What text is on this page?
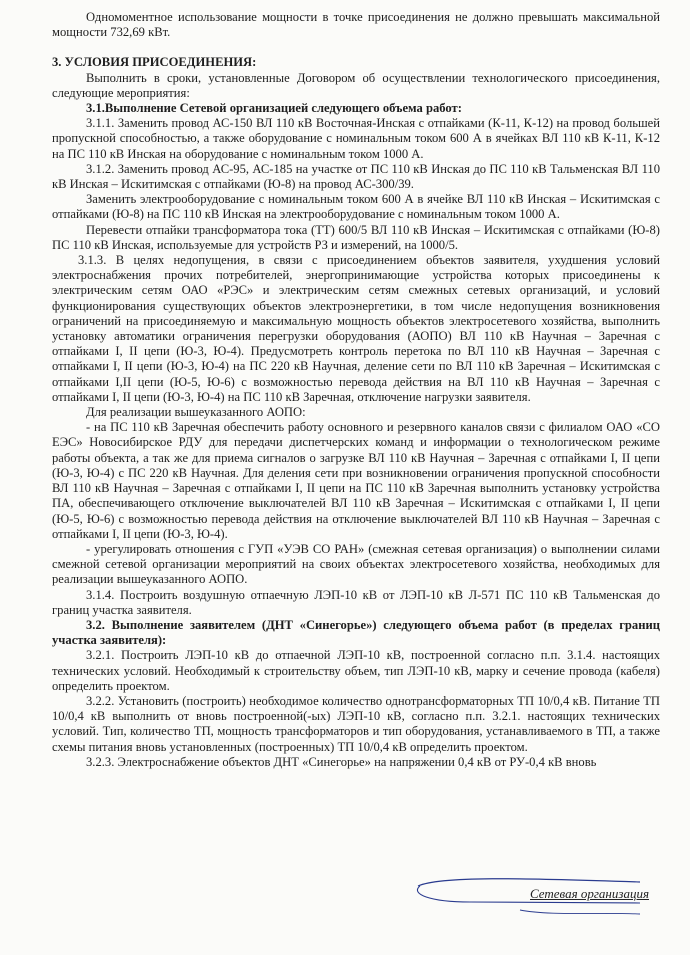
Одномоментное использование мощности в точке присоединения не должно превышать максимальной мощности 732,69 кВт.

3. УСЛОВИЯ ПРИСОЕДИНЕНИЯ:

Выполнить в сроки, установленные Договором об осуществлении технологического присоединения, следующие мероприятия:

3.1.Выполнение Сетевой организацией следующего объема работ:

3.1.1. Заменить провод АС-150 ВЛ 110 кВ Восточная-Инская с отпайками (К-11, К-12) на провод большей пропускной способностью, а также оборудование с номинальным током 600 А в ячейках ВЛ 110 кВ К-11, К-12 на ПС 110 кВ Инская на оборудование с номинальным током 1000 А.

3.1.2. Заменить провод АС-95, АС-185 на участке от ПС 110 кВ Инская до ПС 110 кВ Тальменская ВЛ 110 кВ Инская – Искитимская с отпайками (Ю-8) на провод АС-300/39.

Заменить электрооборудование с номинальным током 600 А в ячейке ВЛ 110 кВ Инская – Искитимская с отпайками (Ю-8) на ПС 110 кВ Инская на электрооборудование с номинальным током 1000 А.

Перевести отпайки трансформатора тока (ТТ) 600/5 ВЛ 110 кВ Инская – Искитимская с отпайками (Ю-8) ПС 110 кВ Инская, используемые для устройств РЗ и измерений, на 1000/5.

3.1.3. В целях недопущения, в связи с присоединением объектов заявителя, ухудшения условий электроснабжения прочих потребителей, энергопринимающие устройства которых присоединены к электрическим сетям ОАО «РЭС» и электрическим сетям смежных сетевых организаций, и условий функционирования существующих объектов электроэнергетики, в том числе недопущения возникновения ограничений на присоединяемую и максимальную мощность объектов электросетевого хозяйства, выполнить установку автоматики ограничения перегрузки оборудования (АОПО) ВЛ 110 кВ Научная – Заречная с отпайками I, II цепи (Ю-3, Ю-4). Предусмотреть контроль перетока по ВЛ 110 кВ Научная – Заречная с отпайками I, II цепи (Ю-3, Ю-4) на ПС 220 кВ Научная, деление сети по ВЛ 110 кВ Заречная – Искитимская с отпайками I,II цепи (Ю-5, Ю-6) с возможностью перевода действия на ВЛ 110 кВ Научная – Заречная с отпайками I, II цепи (Ю-3, Ю-4) на ПС 110 кВ Заречная, отключение нагрузки заявителя.

Для реализации вышеуказанного АОПО:

- на ПС 110 кВ Заречная обеспечить работу основного и резервного каналов связи с филиалом ОАО «СО ЕЭС» Новосибирское РДУ для передачи диспетчерских команд и информации о технологическом режиме работы объекта, а так же для приема сигналов о загрузке ВЛ 110 кВ Научная – Заречная с отпайками I, II цепи (Ю-3, Ю-4) с ПС 220 кВ Научная. Для деления сети при возникновении ограничения пропускной способности ВЛ 110 кВ Научная – Заречная с отпайками I, II цепи на ПС 110 кВ Заречная выполнить установку устройства ПА, обеспечивающего отключение выключателей ВЛ 110 кВ Заречная – Искитимская с отпайками I, II цепи (Ю-5, Ю-6) с возможностью перевода действия на отключение выключателей ВЛ 110 кВ Научная – Заречная с отпайками I, II цепи (Ю-3, Ю-4).

- урегулировать отношения с ГУП «УЭВ СО РАН» (смежная сетевая организация) о выполнении силами смежной сетевой организации мероприятий на своих объектах электросетевого хозяйства, необходимых для реализации вышеуказанного АОПО.

3.1.4. Построить воздушную отпаечную ЛЭП-10 кВ от ЛЭП-10 кВ Л-571 ПС 110 кВ Тальменская до границ участка заявителя.

3.2. Выполнение заявителем (ДНТ «Синегорье») следующего объема работ (в пределах границ участка заявителя):

3.2.1. Построить ЛЭП-10 кВ до отпаечной ЛЭП-10 кВ, построенной согласно п.п. 3.1.4. настоящих технических условий. Необходимый к строительству объем, тип ЛЭП-10 кВ, марку и сечение провода (кабеля) определить проектом.

3.2.2. Установить (построить) необходимое количество однотрансформаторных ТП 10/0,4 кВ. Питание ТП 10/0,4 кВ выполнить от вновь построенной(-ых) ЛЭП-10 кВ, согласно п.п. 3.2.1. настоящих технических условий. Тип, количество ТП, мощность трансформаторов и тип оборудования, устанавливаемого в ТП, а также схемы питания вновь установленных (построенных) ТП 10/0,4 кВ определить проектом.

3.2.3. Электроснабжение объектов ДНТ «Синегорье» на напряжении 0,4 кВ от РУ-0,4 кВ вновь

Сетевая организация
